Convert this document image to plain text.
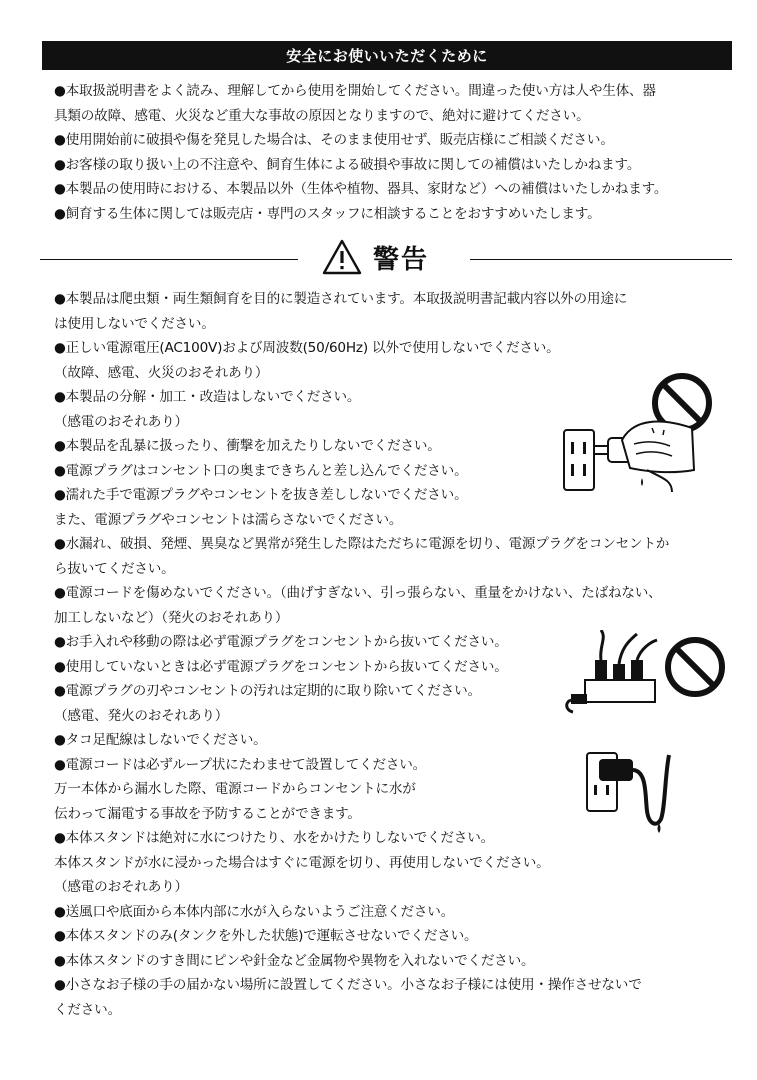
安全にお使いいただくために

●本取扱説明書をよく読み、理解してから使用を開始してください。間違った使い方は人や生体、器

具類の故障、感電、火災など重大な事故の原因となりますので、絶対に避けてください。

●使用開始前に破損や傷を発見した場合は、そのまま使用せず、販売店様にご相談ください。

●お客様の取り扱い上の不注意や、飼育生体による破損や事故に関しての補償はいたしかねます。

●本製品の使用時における、本製品以外（生体や植物、器具、家財など）への補償はいたしかねます。

●飼育する生体に関しては販売店・専門のスタッフに相談することをおすすめいたします。

警告

●本製品は爬虫類・両生類飼育を目的に製造されています。本取扱説明書記載内容以外の用途に

は使用しないでください。

●正しい電源電圧(AC100V)および周波数(50/60Hz) 以外で使用しないでください。

（故障、感電、火災のおそれあり）

●本製品の分解・加工・改造はしないでください。

（感電のおそれあり）

●本製品を乱暴に扱ったり、衝撃を加えたりしないでください。

●電源プラグはコンセント口の奥まできちんと差し込んでください。

●濡れた手で電源プラグやコンセントを抜き差ししないでください。

また、電源プラグやコンセントは濡らさないでください。

●水漏れ、破損、発煙、異臭など異常が発生した際はただちに電源を切り、電源プラグをコンセントか

ら抜いてください。

●電源コードを傷めないでください。（曲げすぎない、引っ張らない、重量をかけない、たばねない、

加工しないなど）（発火のおそれあり）

●お手入れや移動の際は必ず電源プラグをコンセントから抜いてください。

●使用していないときは必ず電源プラグをコンセントから抜いてください。

●電源プラグの刃やコンセントの汚れは定期的に取り除いてください。

（感電、発火のおそれあり）

●タコ足配線はしないでください。

●電源コードは必ずループ状にたわませて設置してください。

万一本体から漏水した際、電源コードからコンセントに水が

伝わって漏電する事故を予防することができます。

●本体スタンドは絶対に水につけたり、水をかけたりしないでください。

本体スタンドが水に浸かった場合はすぐに電源を切り、再使用しないでください。

（感電のおそれあり）

●送風口や底面から本体内部に水が入らないようご注意ください。

●本体スタンドのみ(タンクを外した状態)で運転させないでください。

●本体スタンドのすき間にピンや針金など金属物や異物を入れないでください。

●小さなお子様の手の届かない場所に設置してください。小さなお子様には使用・操作させないで

ください。
